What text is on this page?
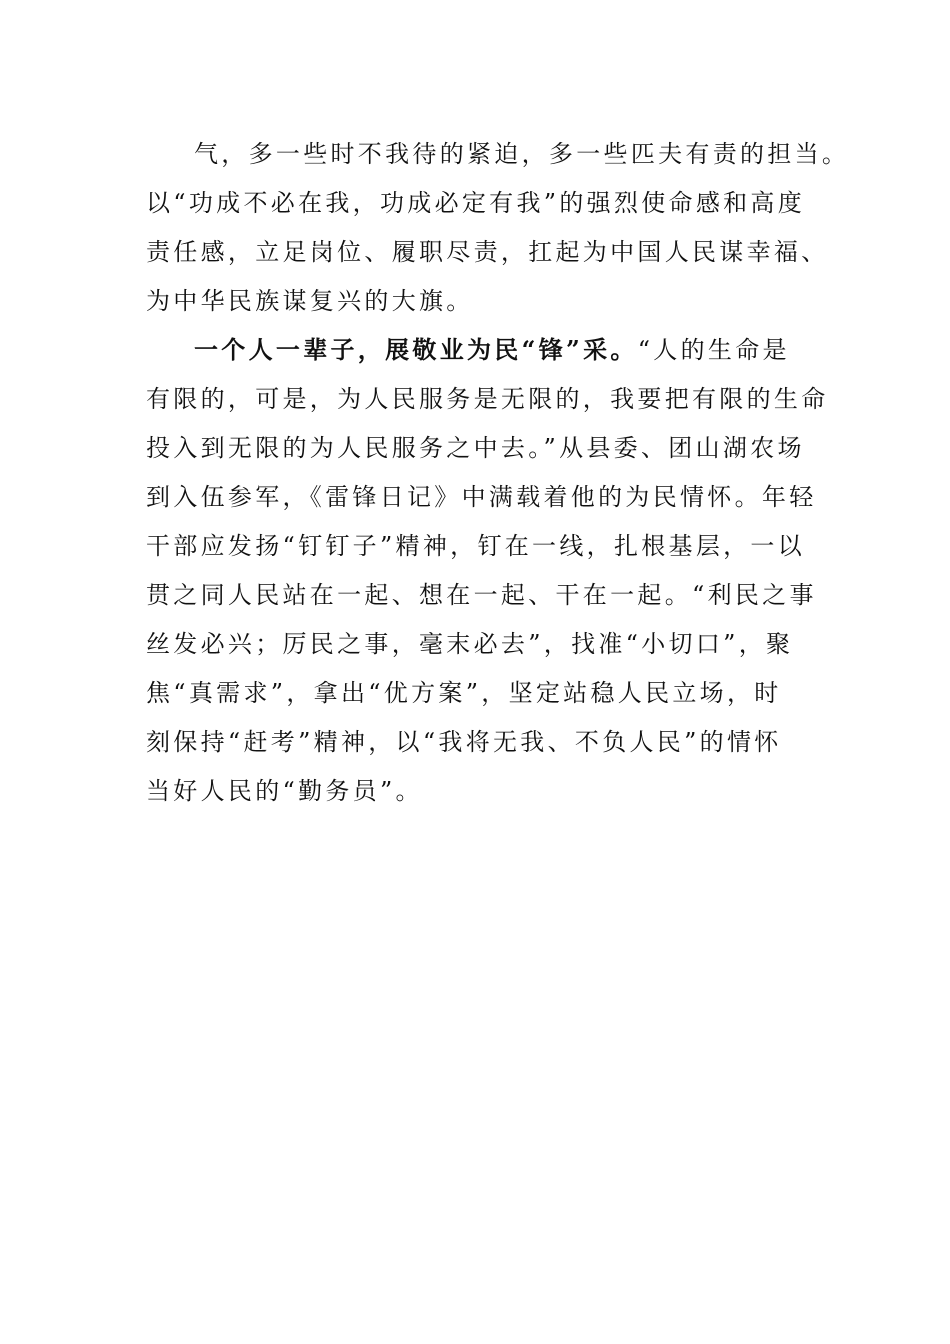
气，多一些时不我待的紧迫，多一些匹夫有责的担当。
以“功成不必在我，功成必定有我”的强烈使命感和高度
责任感，立足岗位、履职尽责，扛起为中国人民谋幸福、
为中华民族谋复兴的大旗。
一个人一辈子，展敬业为民“锋”采。“人的生命是
有限的，可是，为人民服务是无限的，我要把有限的生命
投入到无限的为人民服务之中去。”从县委、团山湖农场
到入伍参军，《雷锋日记》中满载着他的为民情怀。年轻
干部应发扬“钉钉子”精神，钉在一线，扎根基层，一以
贯之同人民站在一起、想在一起、干在一起。“利民之事
丝发必兴；厉民之事，毫末必去”，找准“小切口”，聚
焦“真需求”，拿出“优方案”，坚定站稳人民立场，时
刻保持“赶考”精神，以“我将无我、不负人民”的情怀
当好人民的“勤务员”。
